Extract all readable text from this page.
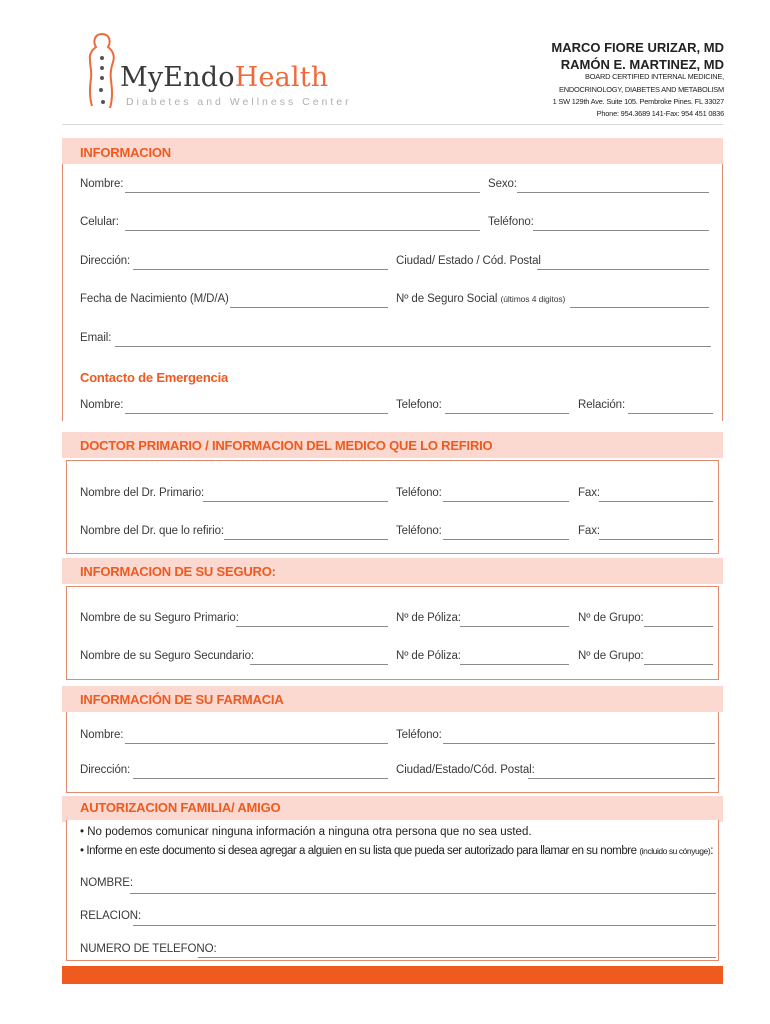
MyEndoHealth
Diabetes and Wellness Center
MARCO FIORE URIZAR, MD
RAMÓN E. MARTINEZ, MD
BOARD CERTIFIED INTERNAL MEDICINE,
ENDOCRINOLOGY, DIABETES AND METABOLISM
1 SW 129th Ave. Suite 105. Pembroke Pines. FL 33027
Phone: 954.3689 141-Fax: 954 451 0836
INFORMACION
Nombre:	Sexo:
Celular:	Teléfono:
Dirección:	Ciudad/ Estado / Cód. Postal
Fecha de Nacimiento (M/D/A)	Nº de Seguro Social (últimos 4 digitos)
Email:
Contacto de Emergencia
Nombre:	Telefono:	Relación:
DOCTOR PRIMARIO / INFORMACION DEL MEDICO QUE LO REFIRIO
Nombre del Dr. Primario:	Teléfono:	Fax:
Nombre del Dr. que lo refirio:	Teléfono:	Fax:
INFORMACION DE SU SEGURO:
Nombre de su Seguro Primario:	Nº de Póliza:	Nº de Grupo:
Nombre de su Seguro Secundario:	Nº de Póliza:	Nº de Grupo:
INFORMACIÓN DE SU FARMACIA
Nombre:	Teléfono:
Dirección:	Ciudad/Estado/Cód. Postal:
AUTORIZACION FAMILIA/ AMIGO
• No podemos comunicar ninguna información a ninguna otra persona que no sea usted.
• Informe en este documento si desea agregar a alguien en su lista que pueda ser autorizado para llamar en su nombre (incluido su cónyuge):
NOMBRE:
RELACION:
NUMERO DE TELEFONO:
